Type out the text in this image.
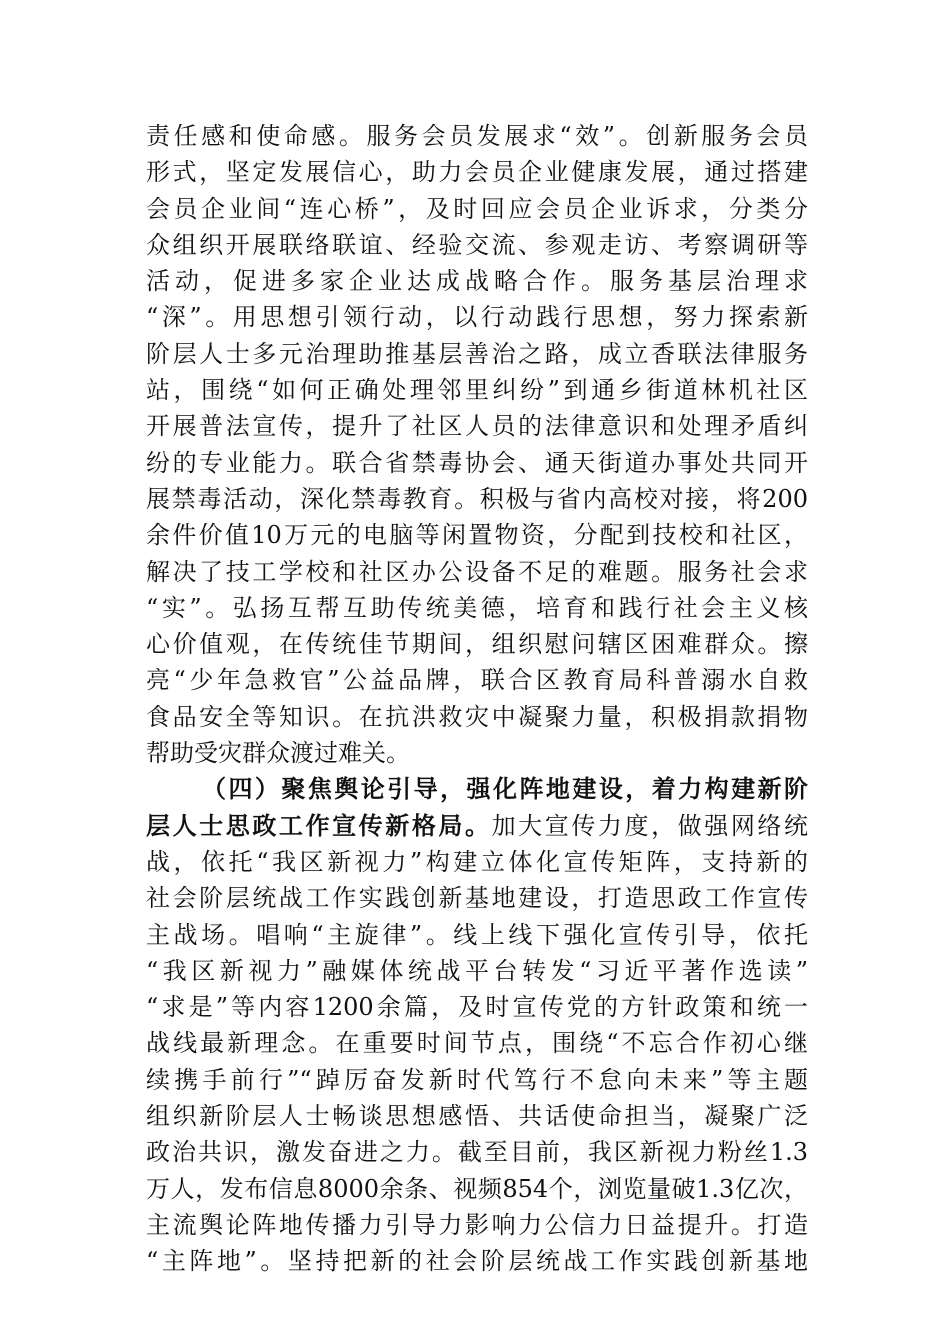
责任感和使命感。服务会员发展求“效”。创新服务会员
形式，坚定发展信心，助力会员企业健康发展，通过搭建
会员企业间“连心桥”，及时回应会员企业诉求，分类分
众组织开展联络联谊、经验交流、参观走访、考察调研等
活动，促进多家企业达成战略合作。服务基层治理求
“深”。用思想引领行动，以行动践行思想，努力探索新
阶层人士多元治理助推基层善治之路，成立香联法律服务
站，围绕“如何正确处理邻里纠纷”到通乡街道林机社区
开展普法宣传，提升了社区人员的法律意识和处理矛盾纠
纷的专业能力。联合省禁毒协会、通天街道办事处共同开
展禁毒活动，深化禁毒教育。积极与省内高校对接，将200
余件价值10万元的电脑等闲置物资，分配到技校和社区，
解决了技工学校和社区办公设备不足的难题。服务社会求
“实”。弘扬互帮互助传统美德，培育和践行社会主义核
心价值观，在传统佳节期间，组织慰问辖区困难群众。擦
亮“少年急救官”公益品牌，联合区教育局科普溺水自救
食品安全等知识。在抗洪救灾中凝聚力量，积极捐款捐物
帮助受灾群众渡过难关。
（四）聚焦舆论引导，强化阵地建设，着力构建新阶
层人士思政工作宣传新格局。加大宣传力度，做强网络统
战，依托“我区新视力”构建立体化宣传矩阵，支持新的
社会阶层统战工作实践创新基地建设，打造思政工作宣传
主战场。唱响“主旋律”。线上线下强化宣传引导，依托
“我区新视力”融媒体统战平台转发“习近平著作选读”
“求是”等内容1200余篇，及时宣传党的方针政策和统一
战线最新理念。在重要时间节点，围绕“不忘合作初心继
续携手前行”“踔厉奋发新时代笃行不怠向未来”等主题
组织新阶层人士畅谈思想感悟、共话使命担当，凝聚广泛
政治共识，激发奋进之力。截至目前，我区新视力粉丝1.3
万人，发布信息8000余条、视频854个，浏览量破1.3亿次，
主流舆论阵地传播力引导力影响力公信力日益提升。打造
“主阵地”。坚持把新的社会阶层统战工作实践创新基地
